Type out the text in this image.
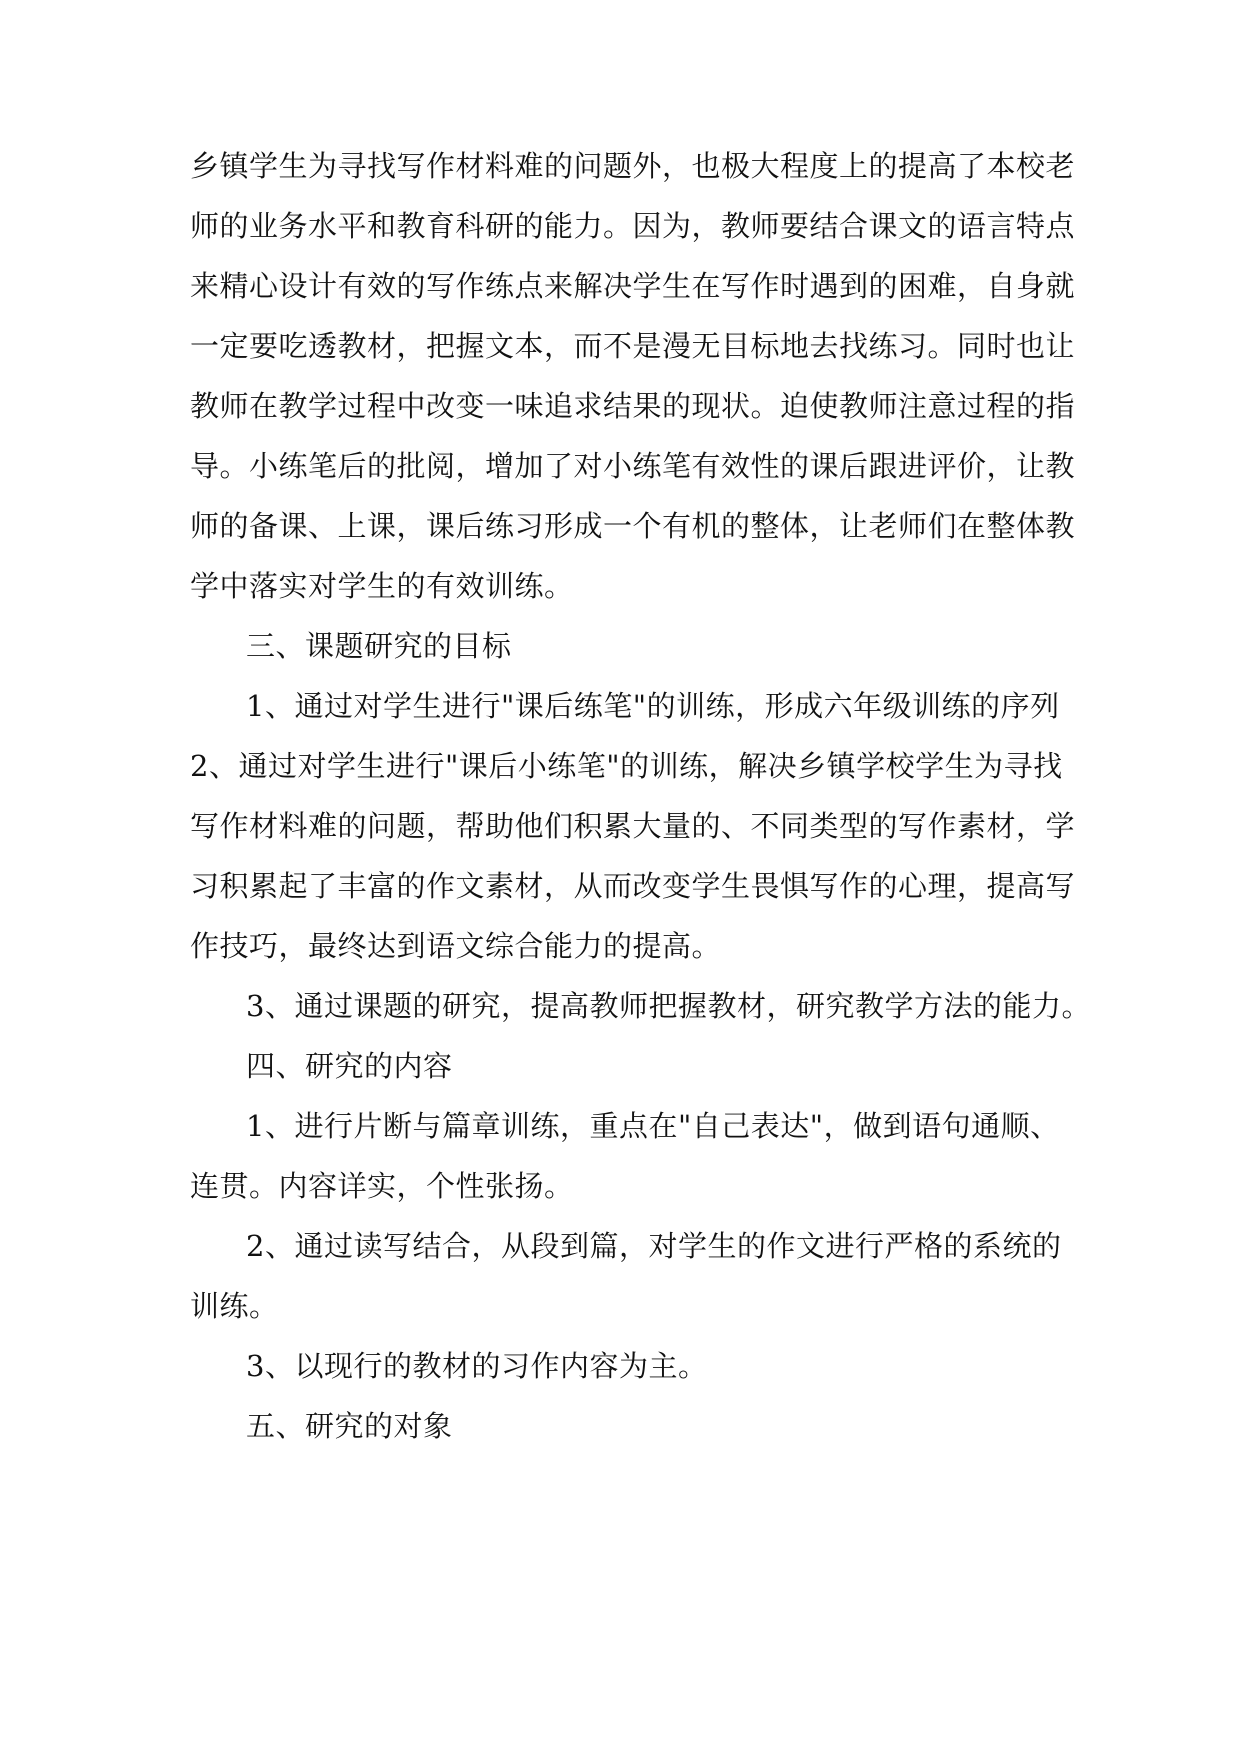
乡镇学生为寻找写作材料难的问题外，也极大程度上的提高了本校老
师的业务水平和教育科研的能力。因为，教师要结合课文的语言特点
来精心设计有效的写作练点来解决学生在写作时遇到的困难，自身就
一定要吃透教材，把握文本，而不是漫无目标地去找练习。同时也让
教师在教学过程中改变一味追求结果的现状。迫使教师注意过程的指
导。小练笔后的批阅，增加了对小练笔有效性的课后跟进评价，让教
师的备课、上课，课后练习形成一个有机的整体，让老师们在整体教
学中落实对学生的有效训练。
三、课题研究的目标
1、通过对学生进行"课后练笔"的训练，形成六年级训练的序列
2、通过对学生进行"课后小练笔"的训练，解决乡镇学校学生为寻找
写作材料难的问题，帮助他们积累大量的、不同类型的写作素材，学
习积累起了丰富的作文素材，从而改变学生畏惧写作的心理，提高写
作技巧，最终达到语文综合能力的提高。
3、通过课题的研究，提高教师把握教材，研究教学方法的能力。
四、研究的内容
1、进行片断与篇章训练，重点在"自己表达"，做到语句通顺、
连贯。内容详实，个性张扬。
2、通过读写结合，从段到篇，对学生的作文进行严格的系统的
训练。
3、以现行的教材的习作内容为主。
五、研究的对象
